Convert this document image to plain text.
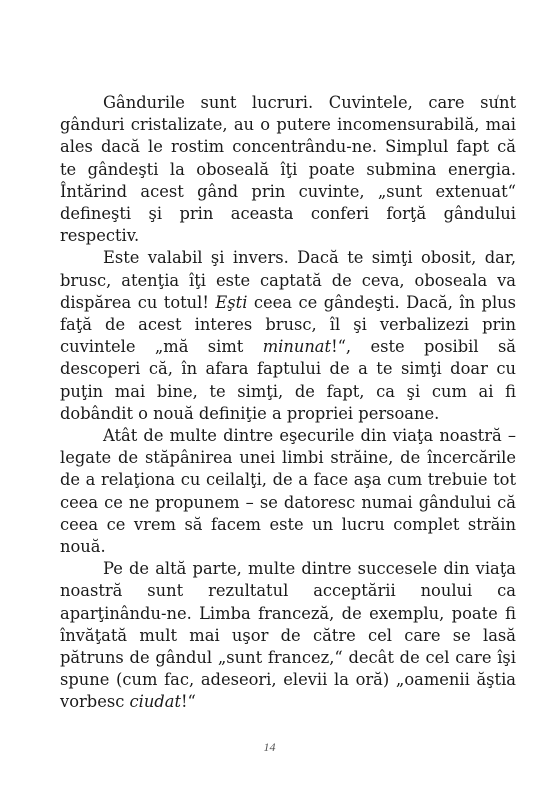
Gândurile sunt lucruri. Cuvintele, care sunt gânduri cristalizate, au o putere incomensurabilă, mai ales dacă le rostim concentrându-ne. Simplul fapt că te gândeşti la oboseală îţi poate submina energia. Întărind acest gând prin cuvinte, „sunt extenuat“ defineşti şi prin aceasta conferi forţă gândului respectiv.

Este valabil şi invers. Dacă te simţi obosit, dar, brusc, atenţia îţi este captată de ceva, oboseala va dispărea cu totul! Eşti ceea ce gândeşti. Dacă, în plus faţă de acest interes brusc, îl şi verbalizezi prin cuvintele „mă simt minunat!“, este posibil să descoperi că, în afara faptului de a te simţi doar cu puţin mai bine, te simţi, de fapt, ca şi cum ai fi dobândit o nouă definiţie a propriei persoane.

Atât de multe dintre eşecurile din viaţa noastră – legate de stăpânirea unei limbi străine, de încercările de a relaţiona cu ceilalţi, de a face aşa cum trebuie tot ceea ce ne propunem – se datoresc numai gândului că ceea ce vrem să facem este un lucru complet străin nouă.

Pe de altă parte, multe dintre succesele din viaţa noastră sunt rezultatul acceptării noului ca aparţinându-ne. Limba franceză, de exemplu, poate fi învăţată mult mai uşor de către cel care se lasă pătruns de gândul „sunt francez,“ decât de cel care îşi spune (cum fac, adeseori, elevii la oră) „oamenii ăştia vorbesc ciudat!“

14
